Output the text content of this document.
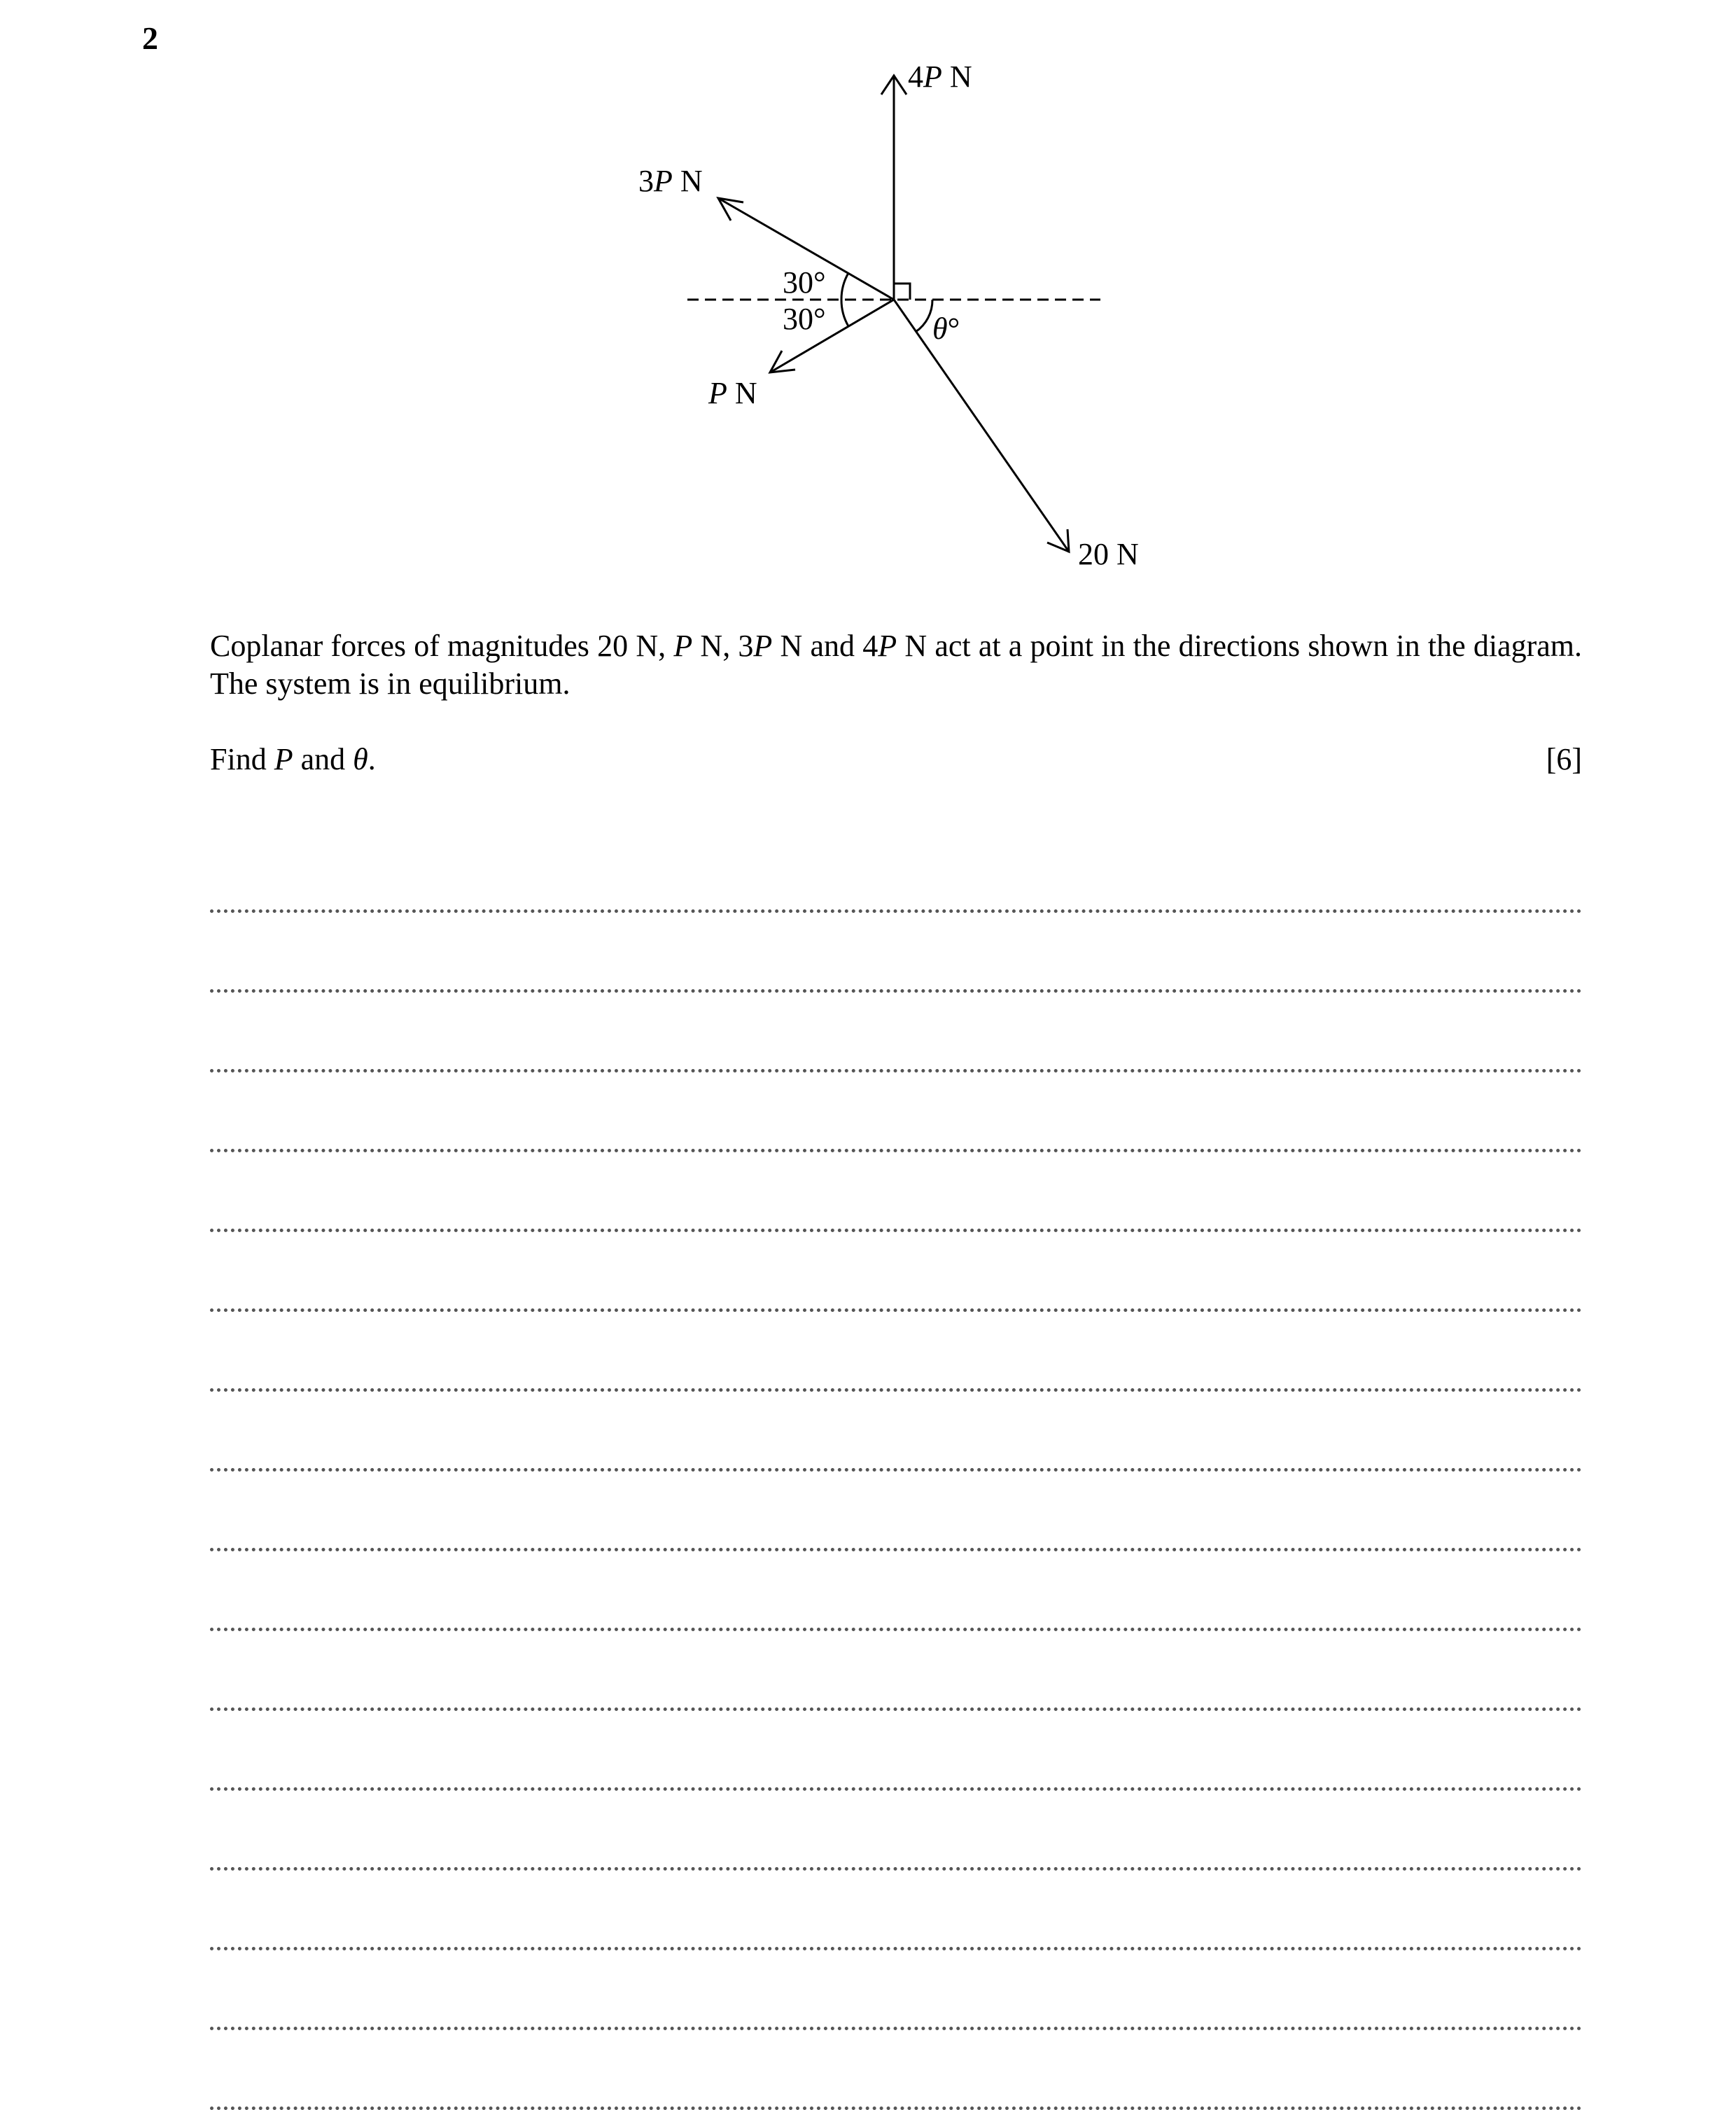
2
4P N
3P N
P N
20 N
30°
30°	θ°
Coplanar forces of magnitudes 20 N, P N, 3P N and 4P N act at a point in the directions shown in the diagram. The system is in equilibrium.
Find P and θ.	[6]
